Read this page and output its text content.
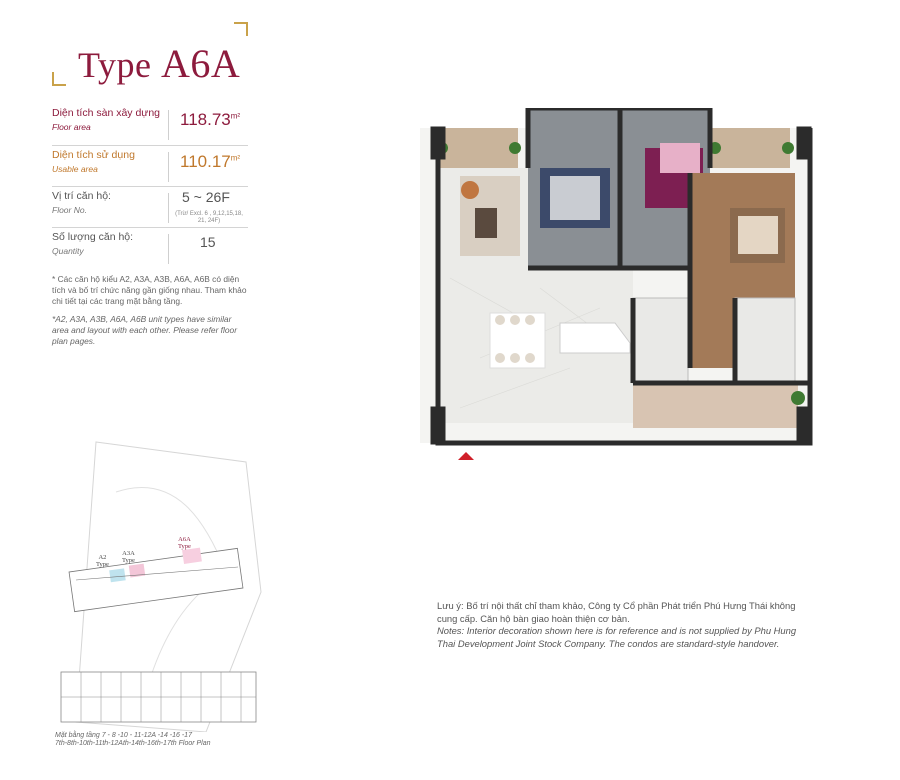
Type A6A
Diện tích sàn xây dựng
Floor area	$118.73^{m^2}$
Diện tích sử dụng
Usable area	$110.17^{m^2}$
Vị trí căn hộ:
Floor No.
5 ~ 26F
(Trừ/ Excl. 6 , 9,12,15,18, 21, 24F)
Số lượng căn hộ:
Quantity
15
* Các căn hộ kiểu A2, A3A, A3B, A6A, A6B có diện tích và bố trí chức năng gần giống nhau. Tham khảo chi tiết tại các trang mặt bằng tầng.
*A2, A3A, A3B, A6A, A6B unit types have similar area and layout with each other. Please refer floor plan pages.
A2
Type
A3A
Type
A6A
Type
Mặt bằng tầng 7 - 8 -10 - 11-12A -14 -16 -17
7th-8th-10th-11th-12Ath-14th-16th-17th Floor Plan
Lưu ý: Bố trí nội thất chỉ tham khảo, Công ty Cổ phần Phát triển Phú Hưng Thái không cung cấp. Căn hộ bàn giao hoàn thiện cơ bản.
Notes: Interior decoration shown here is for reference and is not supplied by Phu Hung Thai Development Joint Stock Company. The condos are standard-style handover.
